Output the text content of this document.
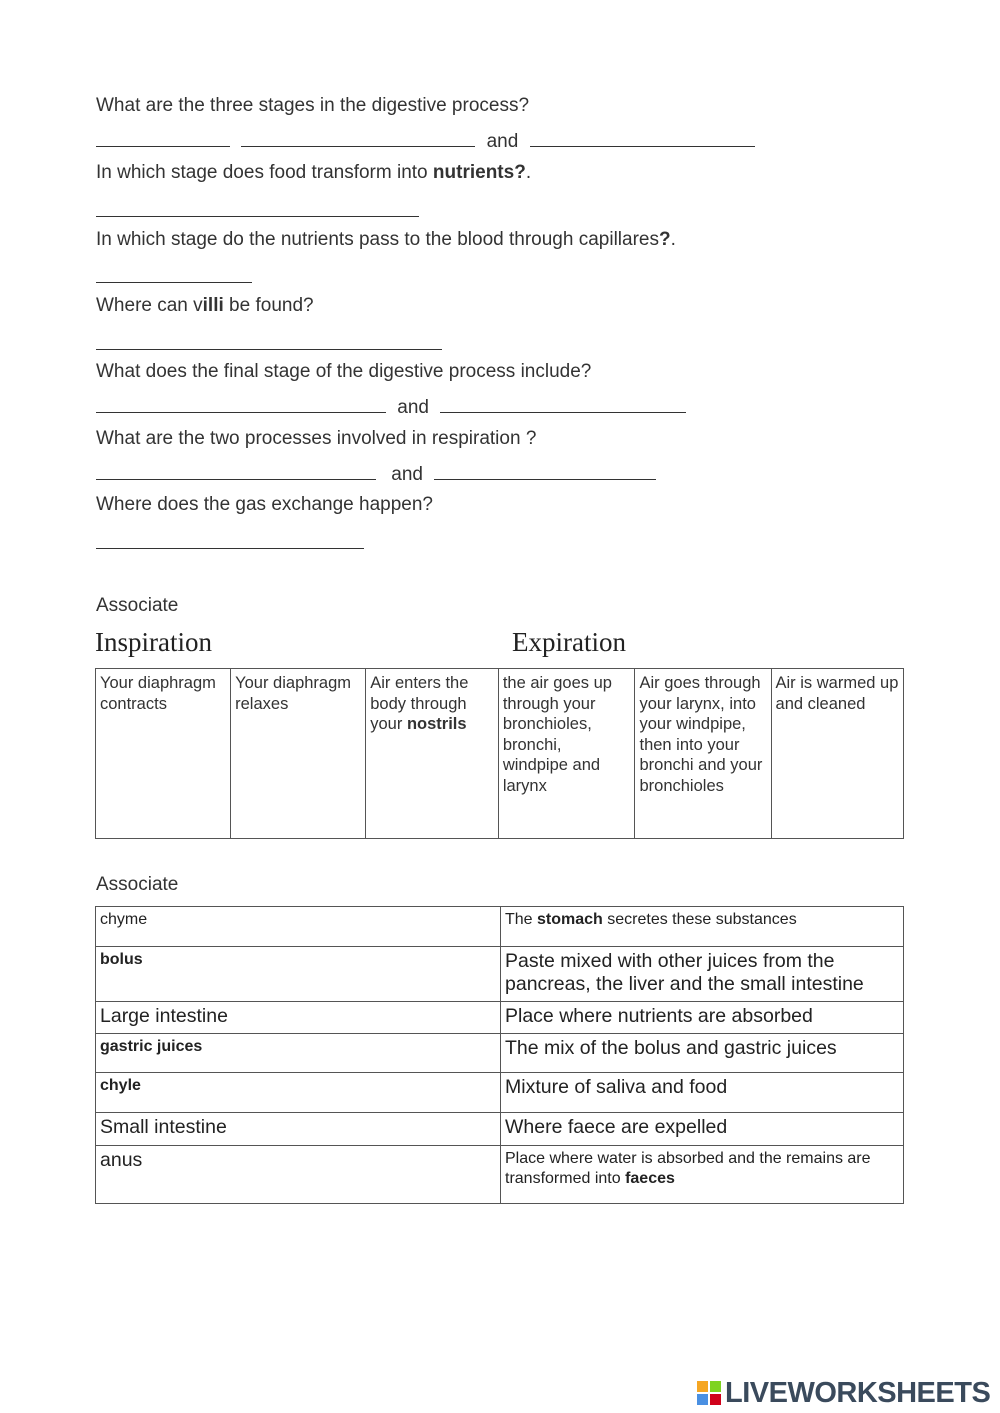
What are the three stages in the digestive process?
and
In which stage does food transform into nutrients?.
In which stage do the nutrients pass to the blood through capillares?.
Where can villi be found?
What does the final stage of the digestive process include?
and
What are the two processes involved in respiration ?
and
Where does the gas exchange happen?
Associate
Inspiration	Expiration
Your diaphragm contracts	Your diaphragm relaxes	Air enters the body through your nostrils	the air goes up through your bronchioles, bronchi, windpipe and larynx	Air goes through your larynx, into your windpipe, then into your bronchi and your bronchioles	Air is warmed up and cleaned
Associate
chyme	The stomach secretes these substances
bolus	Paste mixed with other juices from the pancreas, the liver and the small intestine
Large intestine	Place where nutrients are absorbed
gastric juices	The mix of the bolus and gastric juices
chyle	Mixture of saliva and food
Small intestine	Where faece are expelled
anus	Place where water is absorbed and the remains are transformed into faeces
LIVEWORKSHEETS
